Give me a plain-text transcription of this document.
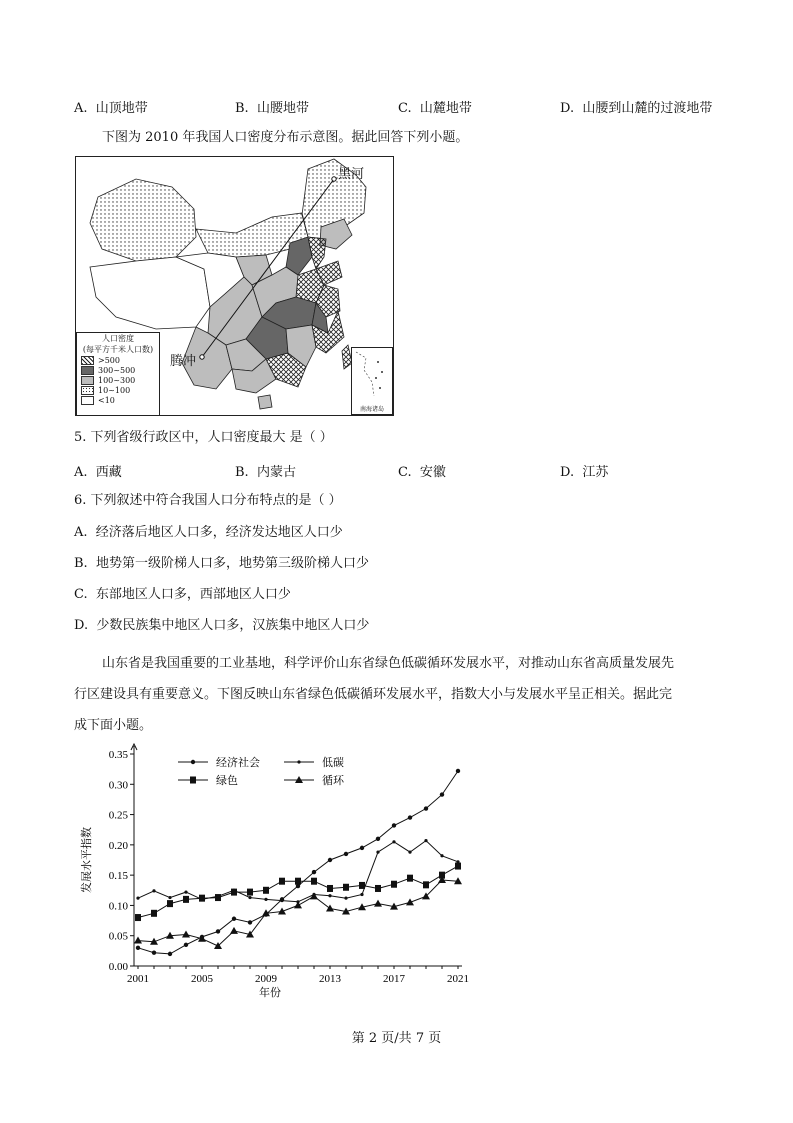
A. 山顶地带	B. 山腰地带	C. 山麓地带	D. 山腰到山麓的过渡地带
下图为 2010 年我国人口密度分布示意图。据此回答下列小题。
黑河
腾冲
人口密度
(每平方千米人口数)
>500
300~500
100~300
10~100
<10
南海诸岛
5. 下列省级行政区中，人口密度最大 是（ ）
A. 西藏	B. 内蒙古	C. 安徽	D. 江苏
6. 下列叙述中符合我国人口分布特点的是（ ）
A. 经济落后地区人口多，经济发达地区人口少
B. 地势第一级阶梯人口多，地势第三级阶梯人口少
C. 东部地区人口多，西部地区人口少
D. 少数民族集中地区人口多，汉族集中地区人口少
山东省是我国重要的工业基地，科学评价山东省绿色低碳循环发展水平，对推动山东省高质量发展先
行区建设具有重要意义。下图反映山东省绿色低碳循环发展水平，指数大小与发展水平呈正相关。据此完
成下面小题。
0.00
0.05
0.10
0.15
0.20
0.25
0.30
0.35
2001	2005	2009	2013	2017	2021
年份
发展水平指数
经济社会	低碳
绿色	循环
第 2 页/共 7 页
